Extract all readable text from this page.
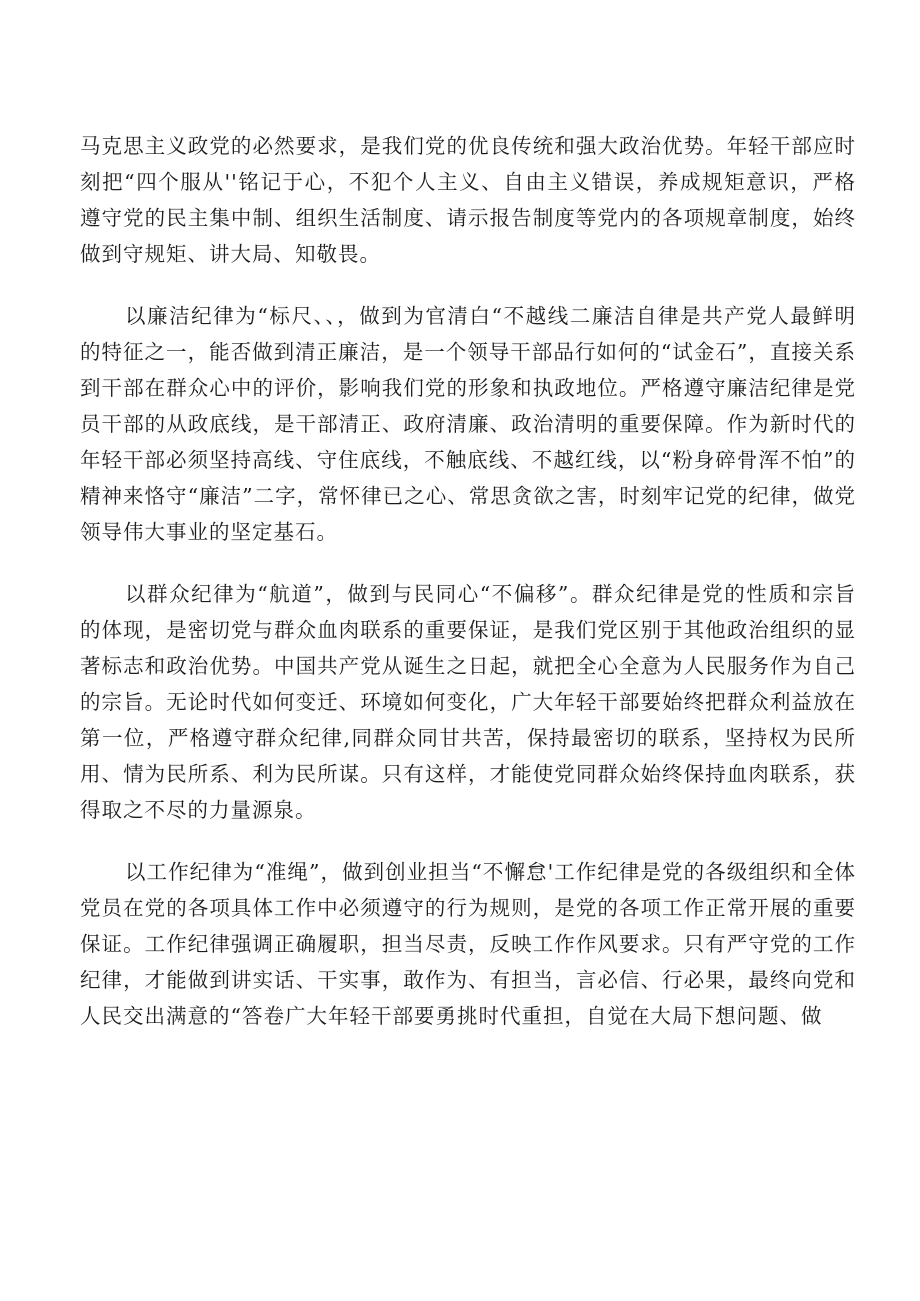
马克思主义政党的必然要求，是我们党的优良传统和强大政治优势。年轻干部应时刻把“四个服从''铭记于心，不犯个人主义、自由主义错误，养成规矩意识，严格遵守党的民主集中制、组织生活制度、请示报告制度等党内的各项规章制度，始终做到守规矩、讲大局、知敬畏。

以廉洁纪律为“标尺、、，做到为官清白“不越线二廉洁自律是共产党人最鲜明的特征之一，能否做到清正廉洁，是一个领导干部品行如何的“试金石”，直接关系到干部在群众心中的评价，影响我们党的形象和执政地位。严格遵守廉洁纪律是党员干部的从政底线，是干部清正、政府清廉、政治清明的重要保障。作为新时代的年轻干部必须坚持高线、守住底线，不触底线、不越红线，以“粉身碎骨浑不怕”的精神来恪守“廉洁”二字，常怀律已之心、常思贪欲之害，时刻牢记党的纪律，做党领导伟大事业的坚定基石。

以群众纪律为“航道”，做到与民同心“不偏移”。群众纪律是党的性质和宗旨的体现，是密切党与群众血肉联系的重要保证，是我们党区别于其他政治组织的显著标志和政治优势。中国共产党从诞生之日起，就把全心全意为人民服务作为自己的宗旨。无论时代如何变迁、环境如何变化，广大年轻干部要始终把群众利益放在第一位，严格遵守群众纪律,同群众同甘共苦，保持最密切的联系，坚持权为民所用、情为民所系、利为民所谋。只有这样，才能使党同群众始终保持血肉联系，获得取之不尽的力量源泉。

以工作纪律为“准绳”，做到创业担当“不懈怠'工作纪律是党的各级组织和全体党员在党的各项具体工作中必须遵守的行为规则，是党的各项工作正常开展的重要保证。工作纪律强调正确履职，担当尽责，反映工作作风要求。只有严守党的工作纪律，才能做到讲实话、干实事，敢作为、有担当，言必信、行必果，最终向党和人民交出满意的“答卷广大年轻干部要勇挑时代重担，自觉在大局下想问题、做
